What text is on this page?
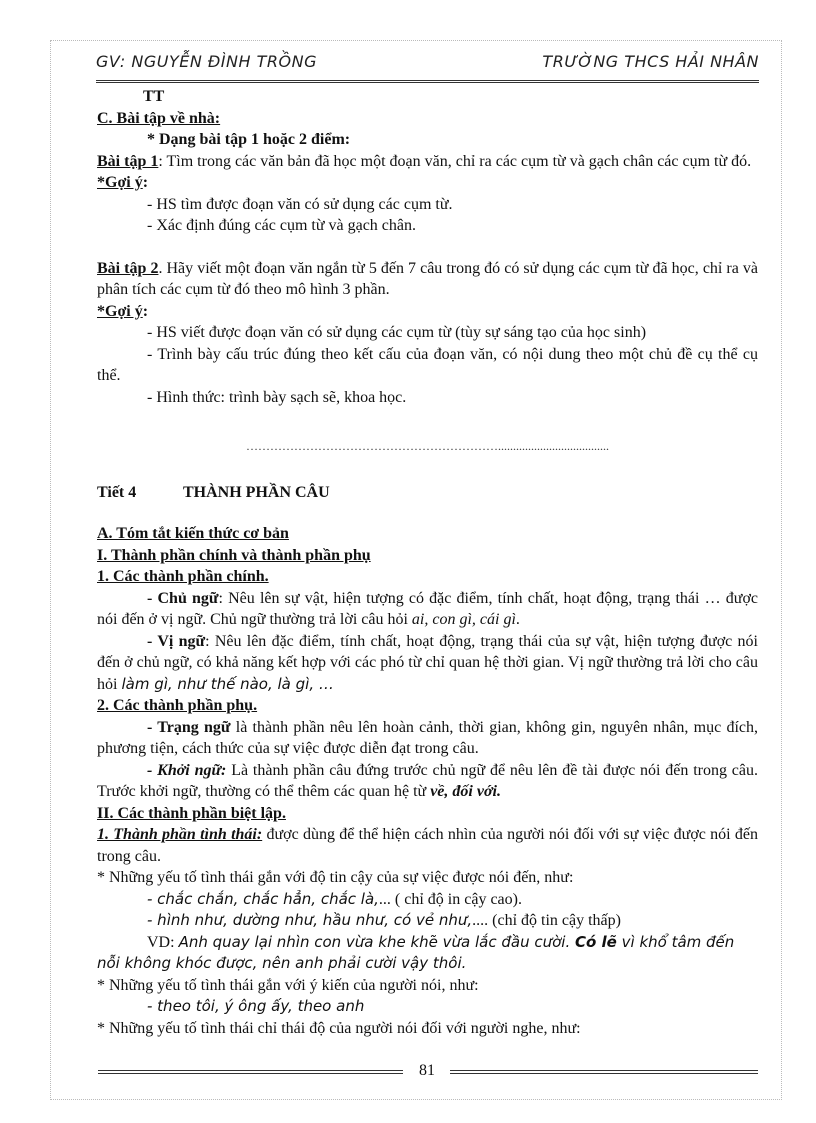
GV: NGUYỄN ĐÌNH TRỒNG	TRƯỜNG THCS HẢI NHÂN

TT

C. Bài tập về nhà:

* Dạng bài tập 1 hoặc 2 điểm:

Bài tập 1: Tìm trong các văn bản đã học một đoạn văn, chỉ ra các cụm từ và gạch chân các cụm từ đó.

*Gợi ý:

- HS tìm được đoạn văn có sử dụng các cụm từ.

- Xác định đúng các cụm từ và gạch chân.

Bài tập 2. Hãy viết một đoạn văn ngắn từ 5 đến 7 câu trong đó có sử dụng các cụm từ đã học, chỉ ra và phân tích các cụm từ đó theo mô hình 3 phần.

*Gợi ý:

- HS viết được đoạn văn có sử dụng các cụm từ (tùy sự sáng tạo của học sinh)

- Trình bày cấu trúc đúng theo kết cấu của đoạn văn, có nội dung theo một chủ đề cụ thể cụ thể.

- Hình thức: trình bày sạch sẽ, khoa học.

……………………………………………………….....................................

Tiết 4	THÀNH PHẦN CÂU

A. Tóm tắt kiến thức cơ bản

I. Thành phần chính và thành phần phụ

1. Các thành phần chính.

- Chủ ngữ: Nêu lên sự vật, hiện tượng có đặc điểm, tính chất, hoạt động, trạng thái … được nói đến ở vị ngữ. Chủ ngữ thường trả lời câu hỏi ai, con gì, cái gì.

- Vị ngữ: Nêu lên đặc điểm, tính chất, hoạt động, trạng thái của sự vật, hiện tượng được nói đến ở chủ ngữ, có khả năng kết hợp với các phó từ chỉ quan hệ thời gian. Vị ngữ thường trả lời cho câu hỏi làm gì, như thế nào, là gì, …

2. Các thành phần phụ.

- Trạng ngữ là thành phần nêu lên hoàn cảnh, thời gian, không gin, nguyên nhân, mục đích, phương tiện, cách thức của sự việc được diễn đạt trong câu.

- Khởi ngữ: Là thành phần câu đứng trước chủ ngữ để nêu lên đề tài được nói đến trong câu. Trước khởi ngữ, thường có thể thêm các quan hệ từ về, đối với.

II. Các thành phần biệt lập.

1. Thành phần tình thái: được dùng để thể hiện cách nhìn của người nói đối với sự việc được nói đến trong câu.

* Những yếu tố tình thái gắn với độ tin cậy của sự việc được nói đến, như:

- chắc chắn, chắc hẳn, chắc là,... ( chỉ độ in cậy cao).

- hình như, dường như, hầu như, có vẻ như,.... (chỉ độ tin cậy thấp)

VD: Anh quay lại nhìn con vừa khe khẽ vừa lắc đầu cười. Có lẽ vì khổ tâm đến nỗi không khóc được, nên anh phải cười vậy thôi.

* Những yếu tố tình thái gắn với ý kiến của người nói, như:

- theo tôi, ý ông ấy, theo anh

* Những yếu tố tình thái chỉ thái độ của người nói đối với người nghe, như:

81
